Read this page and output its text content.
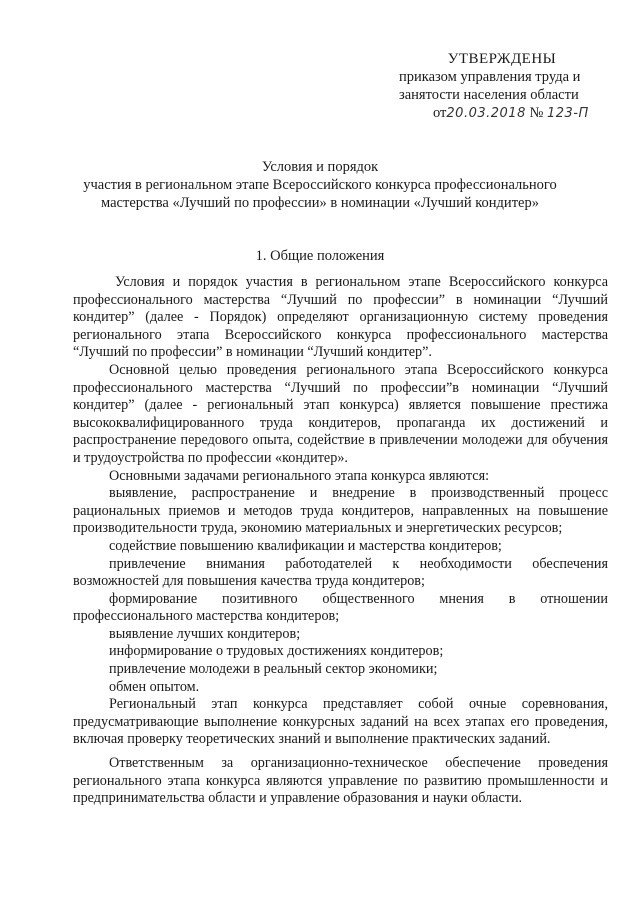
УТВЕРЖДЕНЫ
приказом управления труда и
занятости населения области
от20.03.2018 № 123-П
Условия и порядок
участия в региональном этапе Всероссийского конкурса профессионального
мастерства «Лучший по профессии» в номинации «Лучший кондитер»
1. Общие положения
Условия и порядок участия в региональном этапе Всероссийского конкурса профессионального мастерства “Лучший по профессии” в номинации “Лучший кондитер” (далее - Порядок) определяют организационную систему проведения регионального этапа Всероссийского конкурса профессионального мастерства “Лучший по профессии” в номинации “Лучший кондитер”.
Основной целью проведения регионального этапа Всероссийского конкурса профессионального мастерства “Лучший по профессии”в номинации “Лучший кондитер” (далее - региональный этап конкурса) является повышение престижа высококвалифицированного труда кондитеров, пропаганда их достижений и распространение передового опыта, содействие в привлечении молодежи для обучения и трудоустройства по профессии «кондитер».
Основными задачами регионального этапа конкурса являются:
выявление, распространение и внедрение в производственный процесс рациональных приемов и методов труда кондитеров, направленных на повышение производительности труда, экономию материальных и энергетических ресурсов;
содействие повышению квалификации и мастерства кондитеров;
привлечение внимания работодателей к необходимости обеспечения возможностей для повышения качества труда кондитеров;
формирование позитивного общественного мнения в отношении профессионального мастерства кондитеров;
выявление лучших кондитеров;
информирование о трудовых достижениях кондитеров;
привлечение молодежи в реальный сектор экономики;
обмен опытом.
Региональный этап конкурса представляет собой очные соревнования, предусматривающие выполнение конкурсных заданий на всех этапах его проведения, включая проверку теоретических знаний и выполнение практических заданий.
Ответственным за организационно-техническое обеспечение проведения регионального этапа конкурса являются управление по развитию промышленности и предпринимательства области и управление образования и науки области.
